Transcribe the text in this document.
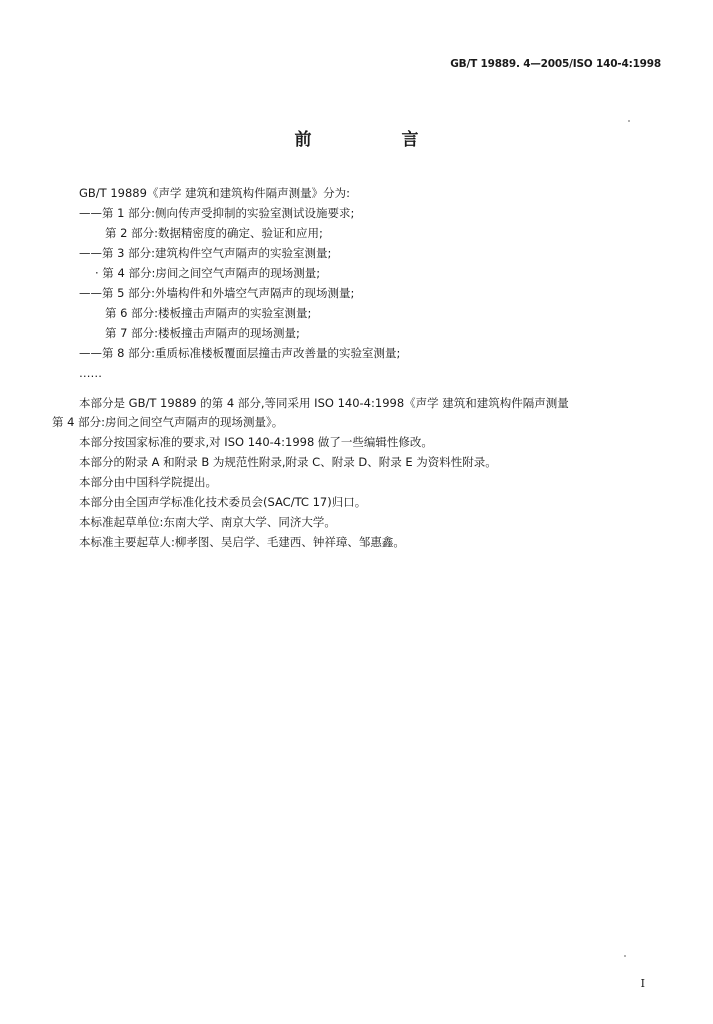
GB/T 19889. 4—2005/ISO 140-4:1998
前 言
GB/T 19889《声学 建筑和建筑构件隔声测量》分为:
——第 1 部分:侧向传声受抑制的实验室测试设施要求;
第 2 部分:数据精密度的确定、验证和应用;
——第 3 部分:建筑构件空气声隔声的实验室测量;
· 第 4 部分:房间之间空气声隔声的现场测量;
——第 5 部分:外墙构件和外墙空气声隔声的现场测量;
第 6 部分:楼板撞击声隔声的实验室测量;
第 7 部分:楼板撞击声隔声的现场测量;
——第 8 部分:重质标准楼板覆面层撞击声改善量的实验室测量;
……
本部分是 GB/T 19889 的第 4 部分,等同采用 ISO 140-4:1998《声学 建筑和建筑构件隔声测量
第 4 部分:房间之间空气声隔声的现场测量》。
本部分按国家标准的要求,对 ISO 140-4:1998 做了一些编辑性修改。
本部分的附录 A 和附录 B 为规范性附录,附录 C、附录 D、附录 E 为资料性附录。
本部分由中国科学院提出。
本部分由全国声学标准化技术委员会(SAC/TC 17)归口。
本标准起草单位:东南大学、南京大学、同济大学。
本标准主要起草人:柳孝图、吴启学、毛建西、钟祥璋、邹惠鑫。
I
